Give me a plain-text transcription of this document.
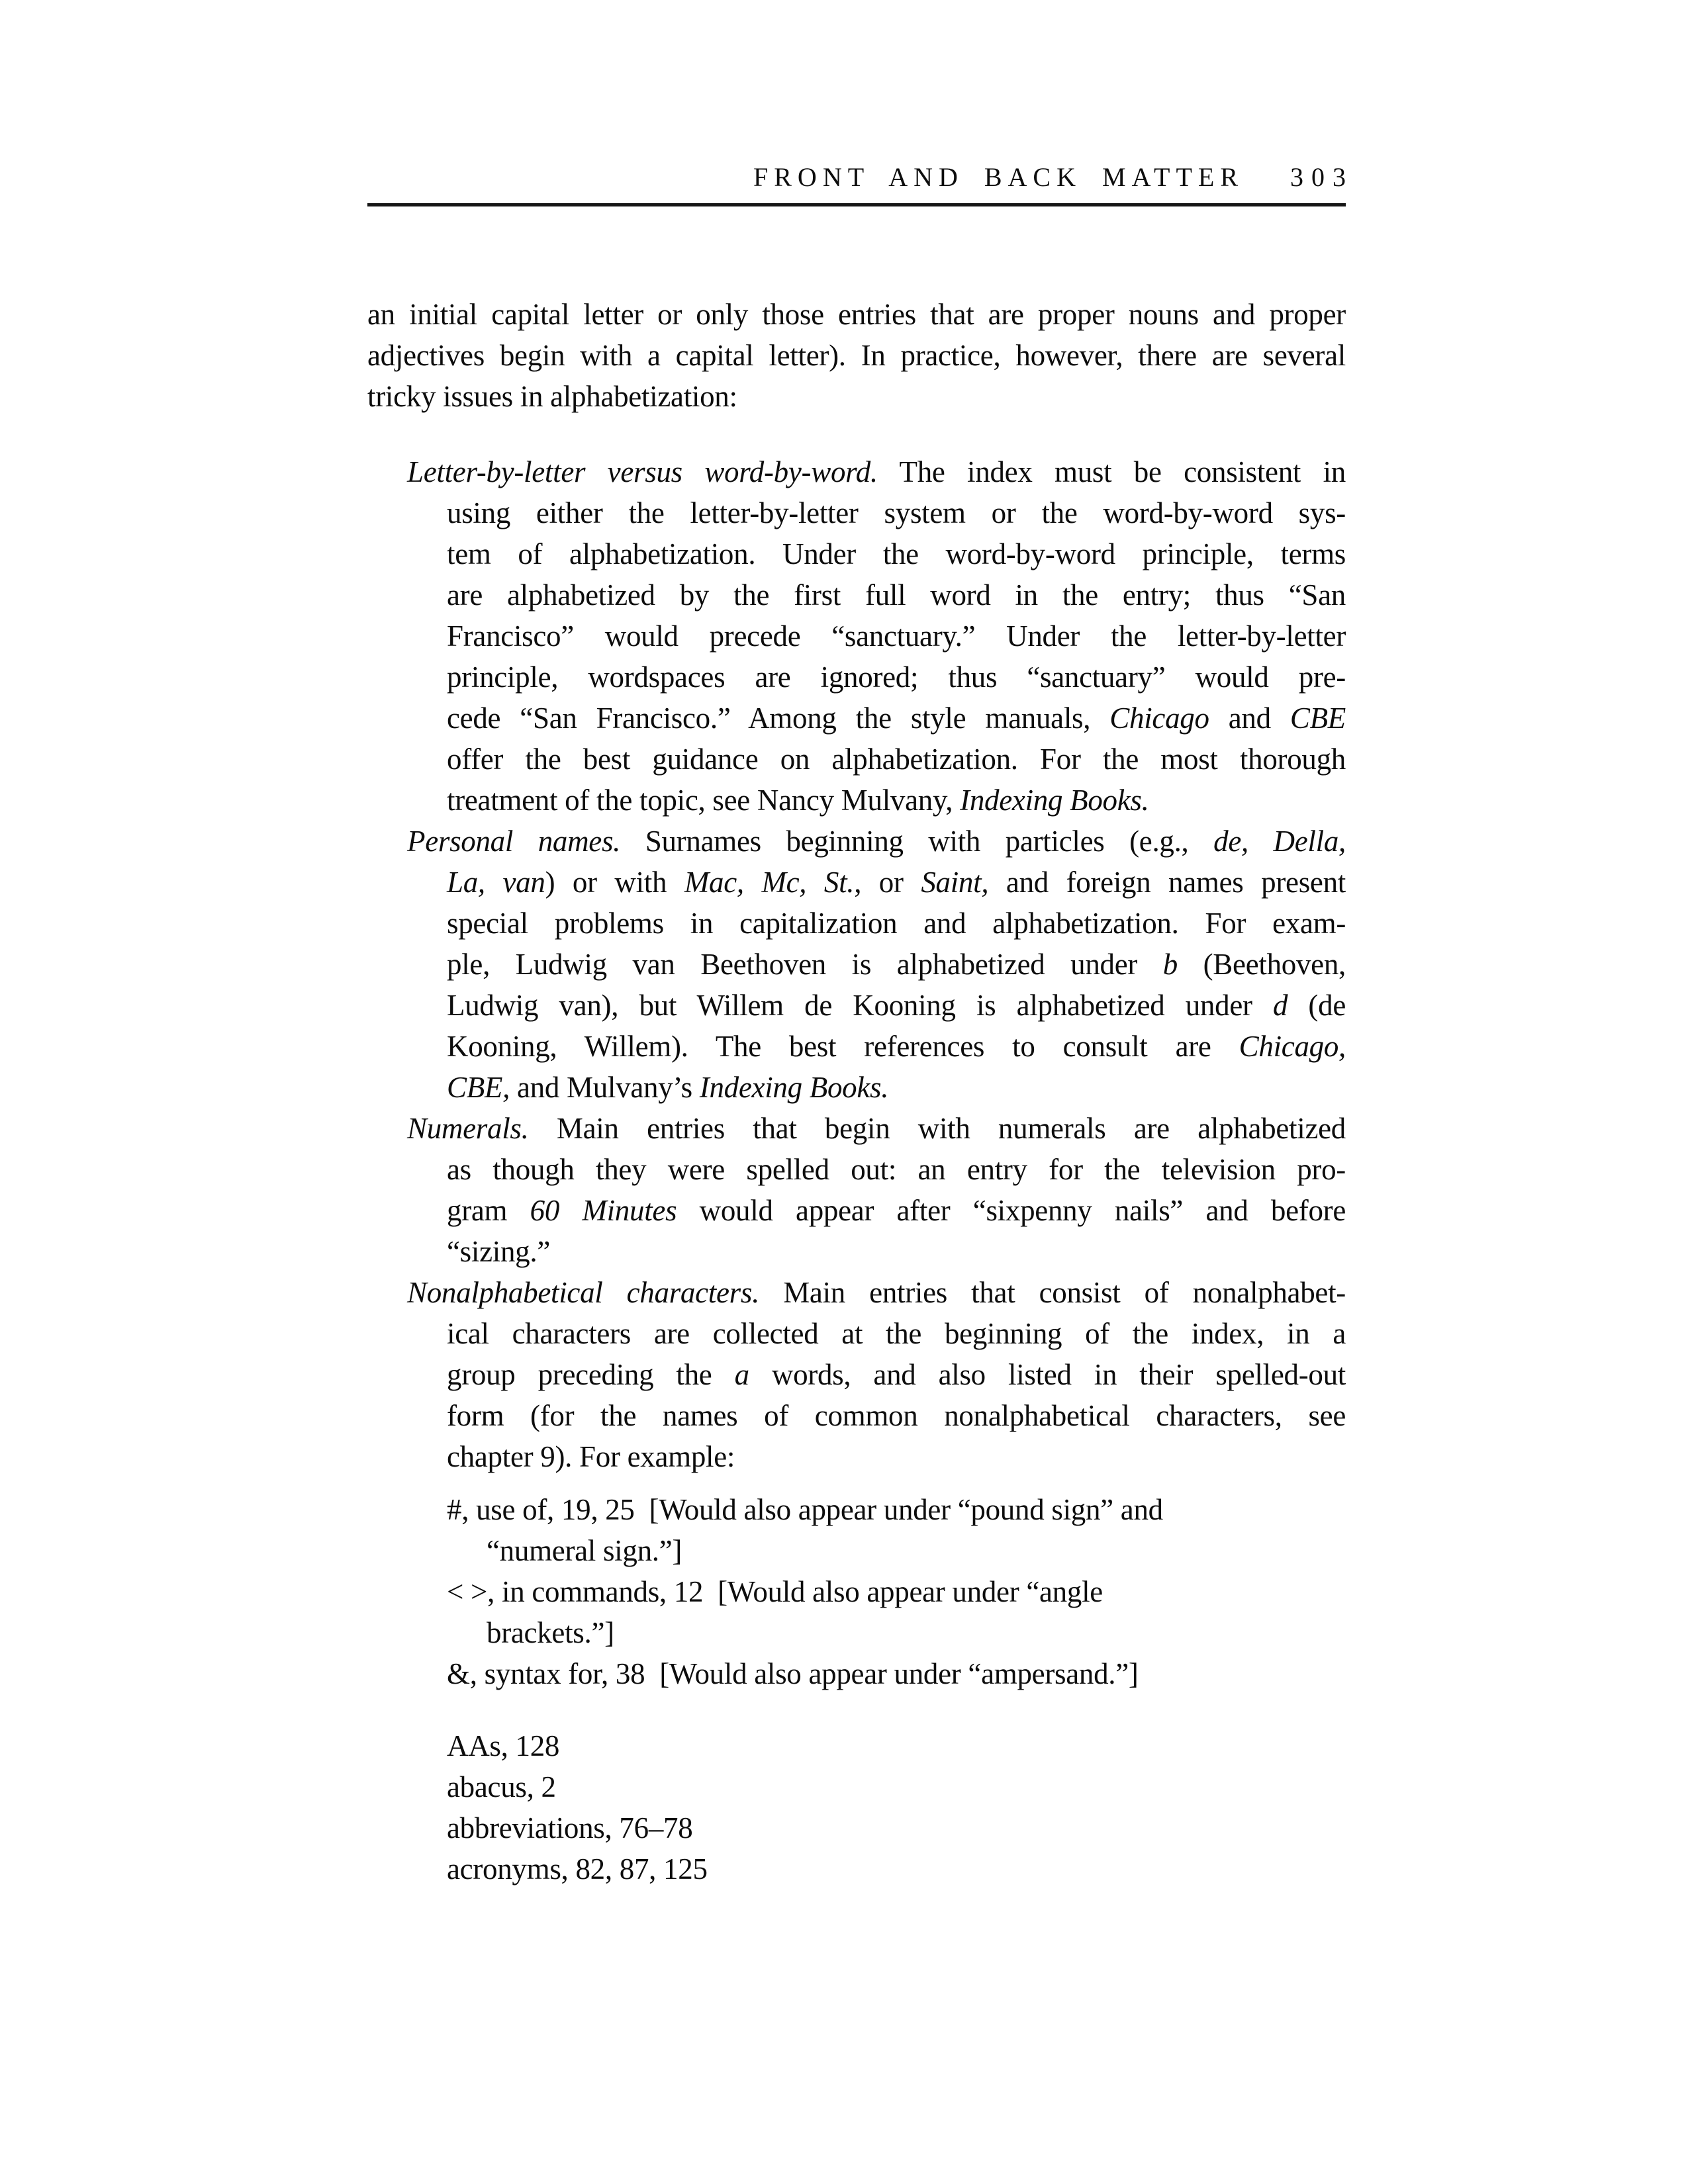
FRONT AND BACK MATTER 303
an initial capital letter or only those entries that are proper nouns and proper
adjectives begin with a capital letter). In practice, however, there are several
tricky issues in alphabetization:
Letter-by-letter versus word-by-word. The index must be consistent in
using either the letter-by-letter system or the word-by-word sys-
tem of alphabetization. Under the word-by-word principle, terms
are alphabetized by the first full word in the entry; thus “San
Francisco” would precede “sanctuary.” Under the letter-by-letter
principle, wordspaces are ignored; thus “sanctuary” would pre-
cede “San Francisco.” Among the style manuals, Chicago and CBE
offer the best guidance on alphabetization. For the most thorough
treatment of the topic, see Nancy Mulvany, Indexing Books.
Personal names. Surnames beginning with particles (e.g., de, Della,
La, van) or with Mac, Mc, St., or Saint, and foreign names present
special problems in capitalization and alphabetization. For exam-
ple, Ludwig van Beethoven is alphabetized under b (Beethoven,
Ludwig van), but Willem de Kooning is alphabetized under d (de
Kooning, Willem). The best references to consult are Chicago,
CBE, and Mulvany’s Indexing Books.
Numerals. Main entries that begin with numerals are alphabetized
as though they were spelled out: an entry for the television pro-
gram 60 Minutes would appear after “sixpenny nails” and before
“sizing.”
Nonalphabetical characters. Main entries that consist of nonalphabet-
ical characters are collected at the beginning of the index, in a
group preceding the a words, and also listed in their spelled-out
form (for the names of common nonalphabetical characters, see
chapter 9). For example:
#, use of, 19, 25  [Would also appear under “pound sign” and
“numeral sign.”]
< >, in commands, 12  [Would also appear under “angle
brackets.”]
&, syntax for, 38  [Would also appear under “ampersand.”]
AAs, 128
abacus, 2
abbreviations, 76–78
acronyms, 82, 87, 125
